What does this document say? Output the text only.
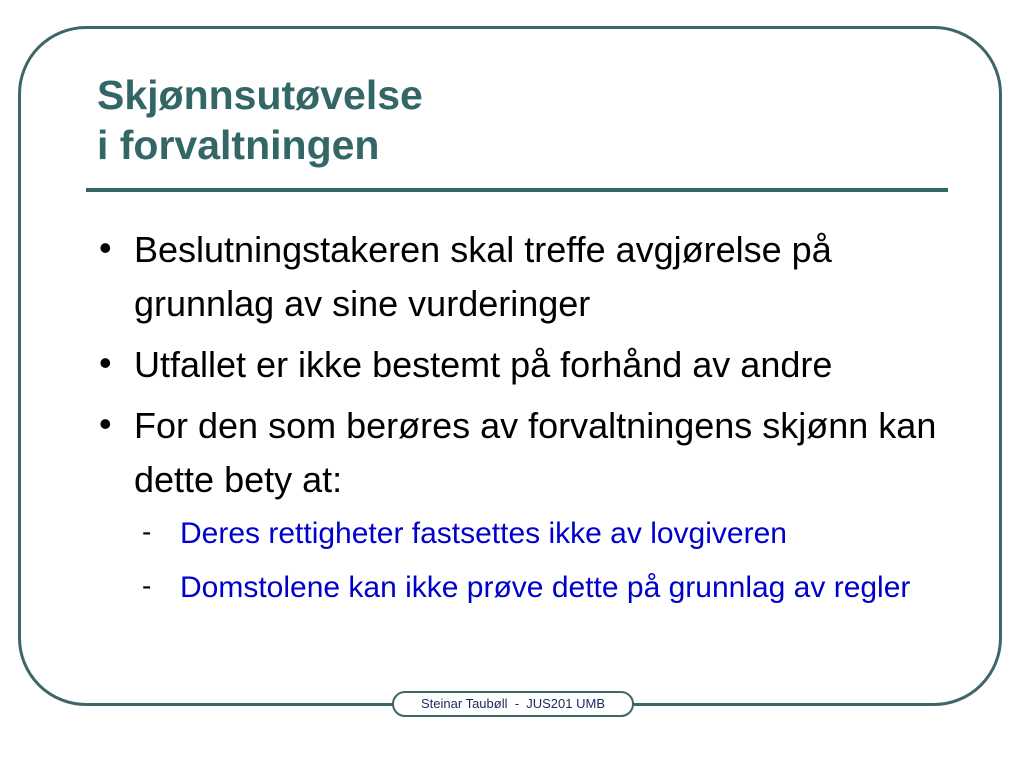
Skjønnsutøvelse
i forvaltningen
• Beslutningstakeren skal treffe avgjørelse på grunnlag av sine vurderinger
• Utfallet er ikke bestemt på forhånd av andre
• For den som berøres av forvaltningens skjønn kan dette bety at:
- Deres rettigheter fastsettes ikke av lovgiveren
- Domstolene kan ikke prøve dette på grunnlag av regler
Steinar Taubøll  -  JUS201 UMB
